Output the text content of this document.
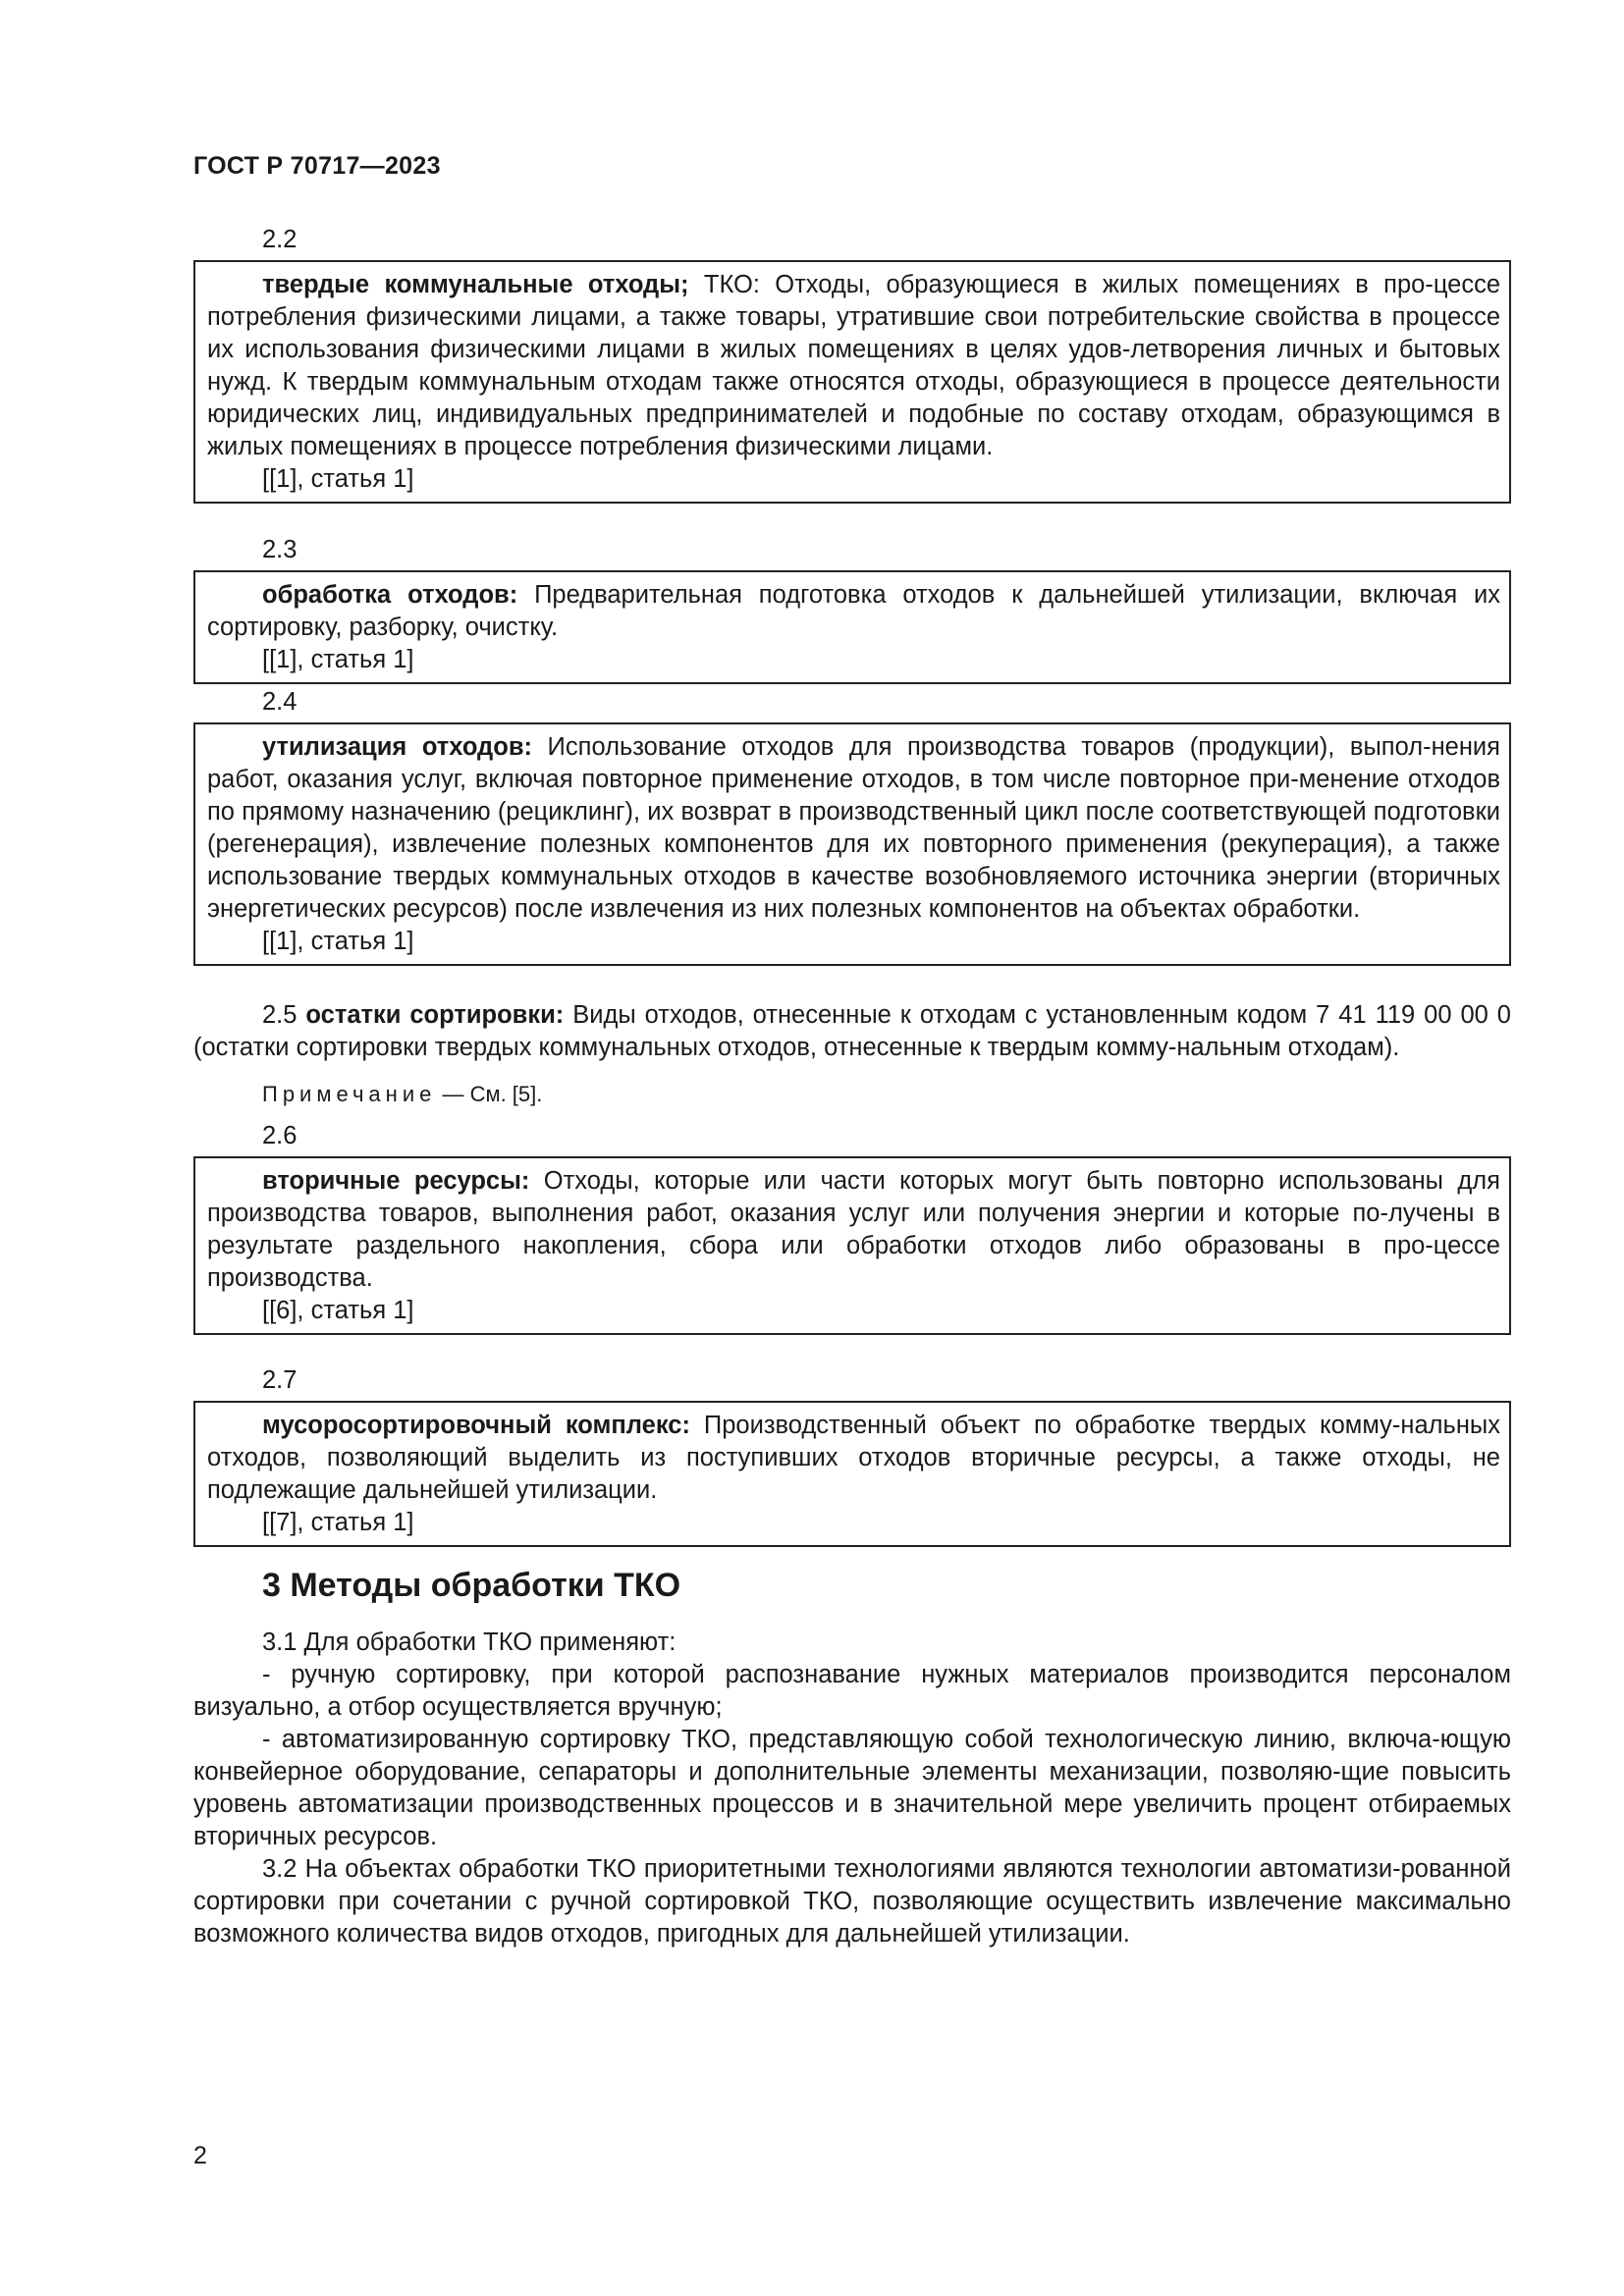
ГОСТ Р 70717—2023
2.2

твердые коммунальные отходы; ТКО: Отходы, образующиеся в жилых помещениях в про-цессе потребления физическими лицами, а также товары, утратившие свои потребительские свойства в процессе их использования физическими лицами в жилых помещениях в целях удов-летворения личных и бытовых нужд. К твердым коммунальным отходам также относятся отходы, образующиеся в процессе деятельности юридических лиц, индивидуальных предпринимателей и подобные по составу отходам, образующимся в жилых помещениях в процессе потребления физическими лицами.

[[1], статья 1]

2.3

обработка отходов: Предварительная подготовка отходов к дальнейшей утилизации, включая их сортировку, разборку, очистку.

[[1], статья 1]

2.4

утилизация отходов: Использование отходов для производства товаров (продукции), выпол-нения работ, оказания услуг, включая повторное применение отходов, в том числе повторное при-менение отходов по прямому назначению (рециклинг), их возврат в производственный цикл после соответствующей подготовки (регенерация), извлечение полезных компонентов для их повторного применения (рекуперация), а также использование твердых коммунальных отходов в качестве возобновляемого источника энергии (вторичных энергетических ресурсов) после извлечения из них полезных компонентов на объектах обработки.

[[1], статья 1]

2.5 остатки сортировки: Виды отходов, отнесенные к отходам с установленным кодом 7 41 119 00 00 0 (остатки сортировки твердых коммунальных отходов, отнесенные к твердым комму-нальным отходам).

Примечание — См. [5].
2.6

вторичные ресурсы: Отходы, которые или части которых могут быть повторно использованы для производства товаров, выполнения работ, оказания услуг или получения энергии и которые по-лучены в результате раздельного накопления, сбора или обработки отходов либо образованы в про-цессе производства.

[[6], статья 1]

2.7

мусоросортировочный комплекс: Производственный объект по обработке твердых комму-нальных отходов, позволяющий выделить из поступивших отходов вторичные ресурсы, а также отходы, не подлежащие дальнейшей утилизации.

[[7], статья 1]

3 Методы обработки ТКО

3.1 Для обработки ТКО применяют:

- ручную сортировку, при которой распознавание нужных материалов производится персоналом визуально, а отбор осуществляется вручную;

- автоматизированную сортировку ТКО, представляющую собой технологическую линию, включа-ющую конвейерное оборудование, сепараторы и дополнительные элементы механизации, позволяю-щие повысить уровень автоматизации производственных процессов и в значительной мере увеличить процент отбираемых вторичных ресурсов.

3.2 На объектах обработки ТКО приоритетными технологиями являются технологии автоматизи-рованной сортировки при сочетании с ручной сортировкой ТКО, позволяющие осуществить извлечение максимально возможного количества видов отходов, пригодных для дальнейшей утилизации.

2
